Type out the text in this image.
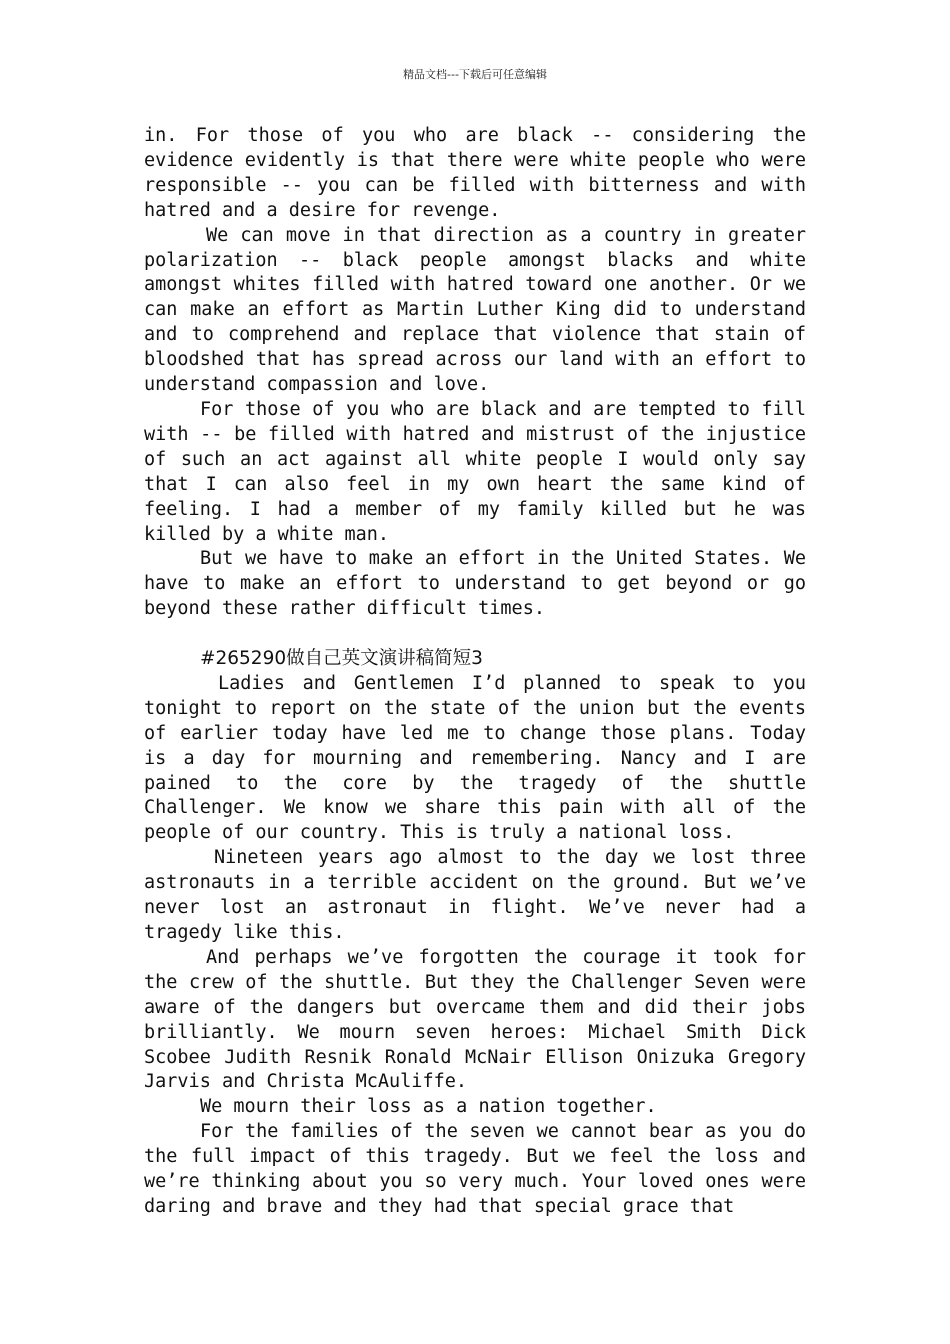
精品文档---下载后可任意编辑

in. For those of you who are black -- considering the evidence evidently is that there were white people who were responsible -- you can be filled with bitterness and with hatred and a desire for revenge.

We can move in that direction as a country in greater polarization -- black people amongst blacks and white amongst whites filled with hatred toward one another. Or we can make an effort as Martin Luther King did to understand and to comprehend and replace that violence that stain of bloodshed that has spread across our land with an effort to understand compassion and love.

For those of you who are black and are tempted to fill with -- be filled with hatred and mistrust of the injustice of such an act against all white people I would only say that I can also feel in my own heart the same kind of feeling. I had a member of my family killed but he was killed by a white man.

But we have to make an effort in the United States. We have to make an effort to understand to get beyond or go beyond these rather difficult times.

#265290做自己英文演讲稿简短3

Ladies and Gentlemen I’d planned to speak to you tonight to report on the state of the union but the events of earlier today have led me to change those plans. Today is a day for mourning and remembering. Nancy and I are pained to the core by the tragedy of the shuttle Challenger. We know we share this pain with all of the people of our country. This is truly a national loss.

Nineteen years ago almost to the day we lost three astronauts in a terrible accident on the ground. But we’ve never lost an astronaut in flight. We’ve never had a tragedy like this.

And perhaps we’ve forgotten the courage it took for the crew of the shuttle. But they the Challenger Seven were aware of the dangers but overcame them and did their jobs brilliantly. We mourn seven heroes: Michael Smith Dick Scobee Judith Resnik Ronald McNair Ellison Onizuka Gregory Jarvis and Christa McAuliffe.

We mourn their loss as a nation together.

For the families of the seven we cannot bear as you do the full impact of this tragedy. But we feel the loss and we’re thinking about you so very much. Your loved ones were daring and brave and they had that special grace that
